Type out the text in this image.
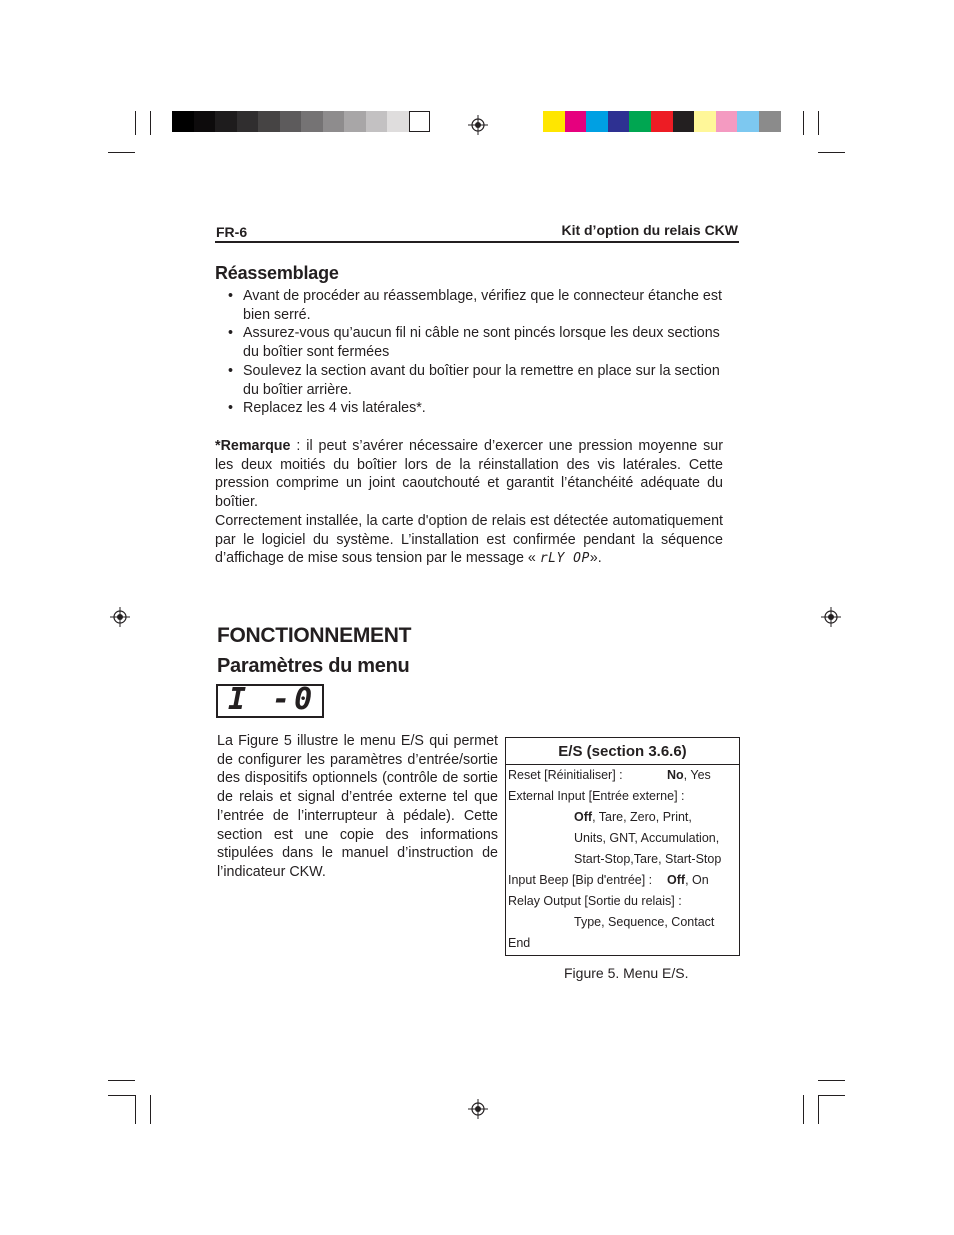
FR-6	Kit d’option du relais CKW
Réassemblage
• Avant de procéder au réassemblage, vérifiez que le connecteur étanche est bien serré.
• Assurez-vous qu’aucun fil ni câble ne sont pincés lorsque les deux sections du boîtier sont fermées
• Soulevez la section avant du boîtier pour la remettre en place sur la section du boîtier arrière.
• Replacez les 4 vis latérales*.
*Remarque : il peut s’avérer nécessaire d’exercer une pression moyenne sur les deux moitiés du boîtier lors de la réinstallation des vis latérales. Cette pression comprime un joint caoutchouté et garantit l’étanchéité adéquate du boîtier.
Correctement installée, la carte d'option de relais est détectée automatiquement par le logiciel du système. L’installation est confirmée pendant la séquence d’affichage de mise sous tension par le message « rLY OP».
FONCTIONNEMENT
Paramètres du menu
I -0
La Figure 5 illustre le menu E/S qui permet de configurer les paramètres d’entrée/sortie des dispositifs optionnels (contrôle de sortie de relais et signal d’entrée externe tel que l’entrée de l’interrupteur à pédale). Cette section est une copie des informations stipulées dans le manuel d’instruction de l’indicateur CKW.
E/S (section 3.6.6)
Reset [Réinitialiser] :	No, Yes
External Input [Entrée externe] :
Off, Tare, Zero, Print,
Units, GNT, Accumulation,
Start-Stop,Tare, Start-Stop
Input Beep [Bip d'entrée] : Off, On
Relay Output [Sortie du relais] :
Type, Sequence, Contact
End
Figure 5. Menu E/S.
